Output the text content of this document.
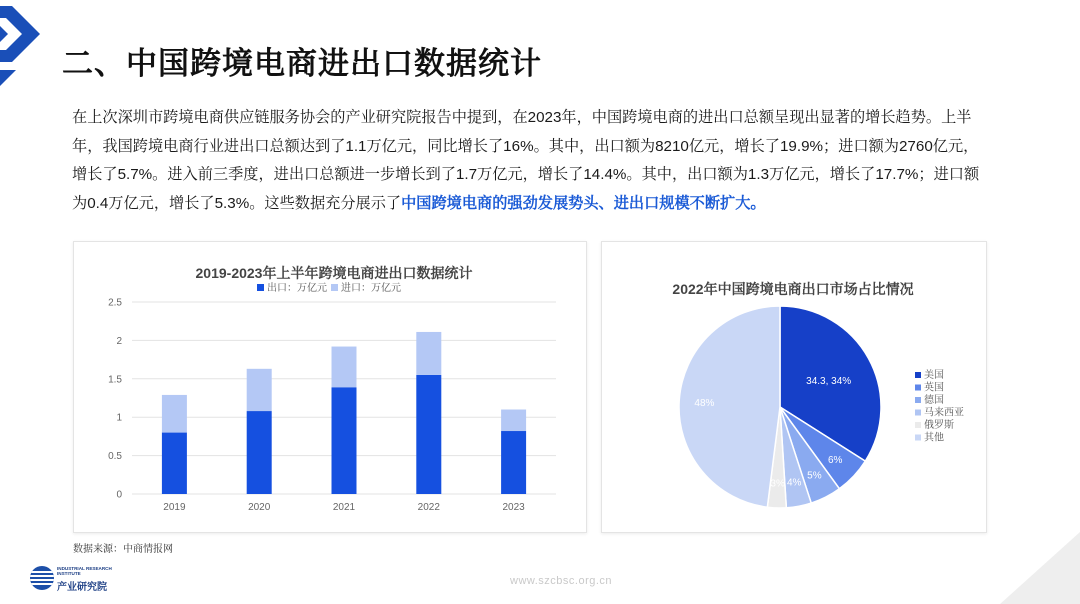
二、中国跨境电商进出口数据统计
在上次深圳市跨境电商供应链服务协会的产业研究院报告中提到，在2023年，中国跨境电商的进出口总额呈现出显著的增长趋势。上半年，我国跨境电商行业进出口总额达到了1.1万亿元，同比增长了16%。其中，出口额为8210亿元，增长了19.9%；进口额为2760亿元，增长了5.7%。进入前三季度，进出口总额进一步增长到了1.7万亿元，增长了14.4%。其中，出口额为1.3万亿元，增长了17.7%；进口额为0.4万亿元，增长了5.3%。这些数据充分展示了中国跨境电商的强劲发展势头、进出口规模不断扩大。
2019-2023年上半年跨境电商进出口数据统计
出口：万亿元 进口：万亿元
0
0.5
1
1.5
2
2.5
2019	2020	2021	2022	2023
2022年中国跨境电商出口市场占比情况
34.3, 34%
6%
5%
4%
3%
48%
美国
英国
德国
马来西亚
俄罗斯
其他
数据来源：中商情报网
INDUSTRIAL RESEARCH INSTITUTE
产业研究院
www.szcbsc.org.cn
